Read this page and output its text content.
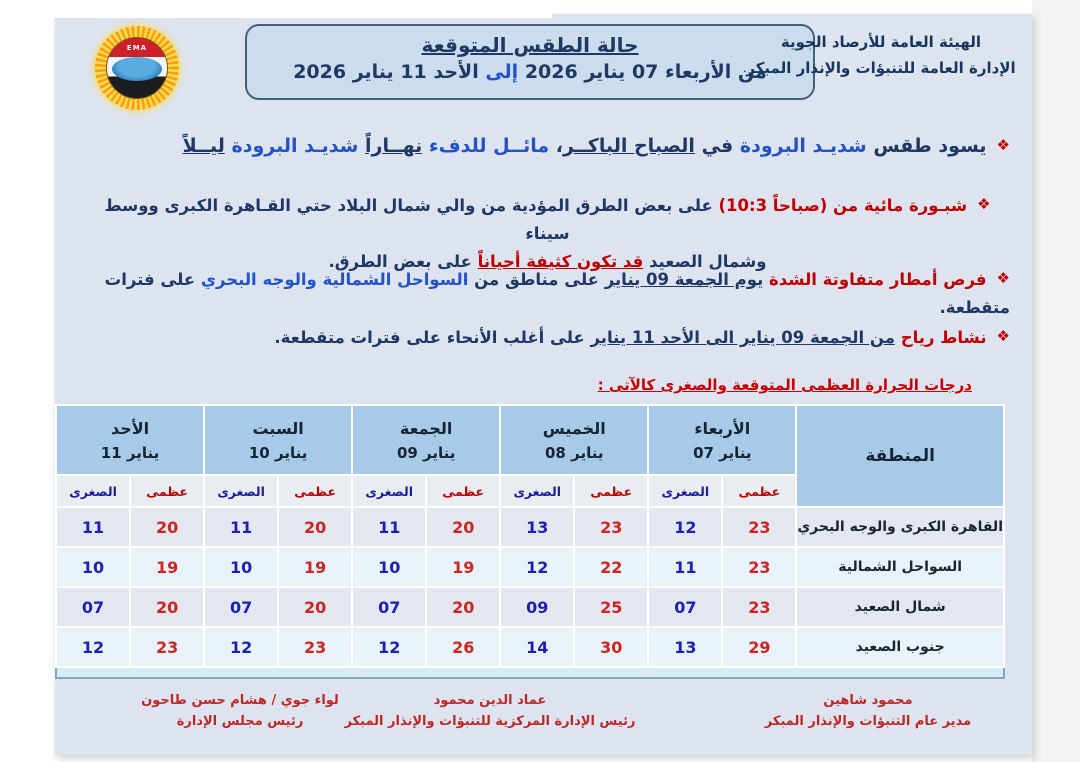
EMA	حالة الطقس المتوقعة
من الأربعاء 07 يناير 2026 إلى الأحد 11 يناير 2026
الهيئة العامة للأرصاد الجوية
الإدارة العامة للتنبؤات والإنذار المبكر
❖يسود طقس شديـد البرودة في الصباح الباكــر، مائــل للدفء نهــاراً شديـد البرودة ليــلاً
❖شبـورة مائية من (10:3 صباحاً) على بعض الطرق المؤدية من والي شمال البلاد حتي القـاهرة الكبرى ووسط سيناء
وشمال الصعيد قد تكون كثيفة أحياناً على بعض الطرق.
❖فرص أمطار متفاوتة الشدة يوم الجمعة 09 يناير على مناطق من السواحل الشمالية والوجه البحري على فترات متقطعة.
❖نشاط رياح من الجمعة 09 يناير الى الأحد 11 يناير على أغلب الأنحاء على فترات متقطعة.
درجات الحرارة العظمى المتوقعة والصغرى كالآتى :
المنطقة	
الأربعاء
07 يناير

الخميس
08 يناير

الجمعة
09 يناير

السبت
10 يناير

الأحد
11 يناير

	عظمى	الصغرى	عظمى	الصغرى	عظمى	الصغرى	عظمى	الصغرى	عظمى	الصغرى
القاهرة الكبرى والوجه البحري	23	12	23	13	20	11	20	11	20	11
السواحل الشمالية	23	11	22	12	19	10	19	10	19	10
شمال الصعيد	23	07	25	09	20	07	20	07	20	07
جنوب الصعيد	29	13	30	14	26	12	23	12	23	12

محمود شاهين
مدير عام التنبؤات والإنذار المبكر
عماد الدين محمود
رئيس الإدارة المركزية للتنبؤات والإنذار المبكر
لواء جوي / هشام حسن طاحون
رئيس مجلس الإدارة
